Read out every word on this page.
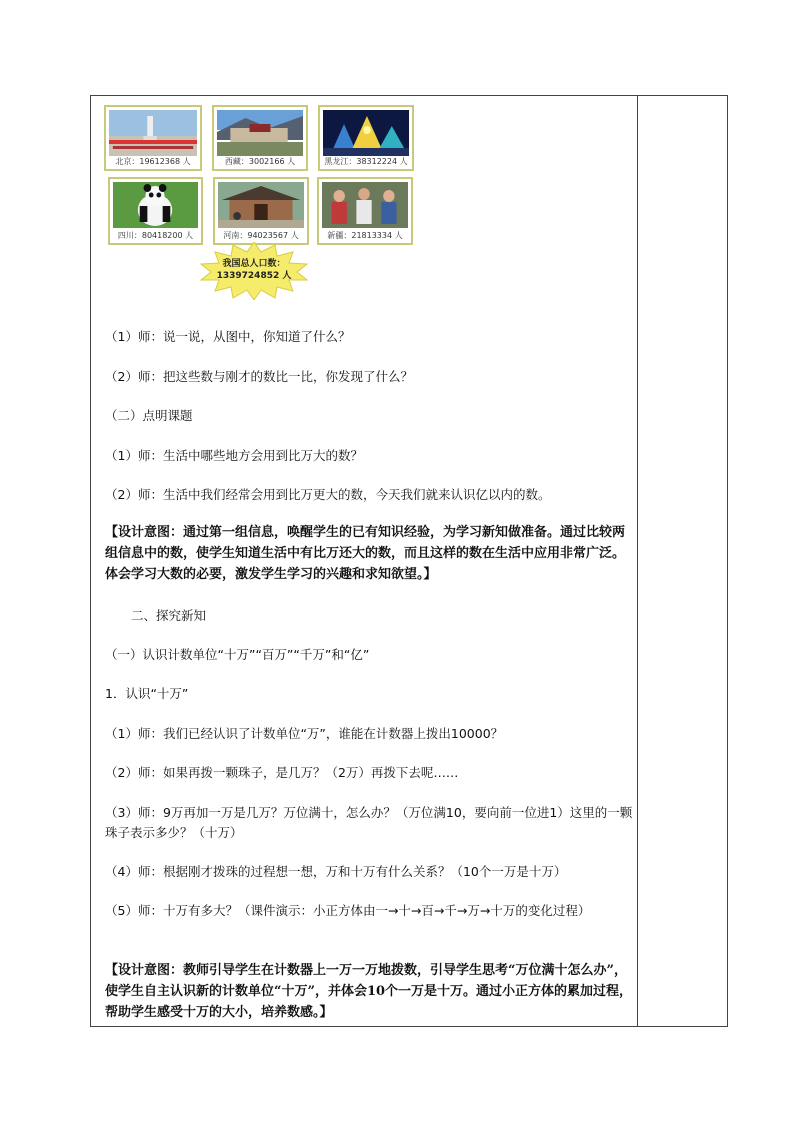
北京：19612368 人	西藏：3002166 人	黑龙江：38312224 人
四川：80418200 人	河南：94023567 人	新疆：21813334 人
我国总人口数：
1339724852 人
（1）师：说一说，从图中，你知道了什么？
（2）师：把这些数与刚才的数比一比，你发现了什么？
（二）点明课题
（1）师：生活中哪些地方会用到比万大的数？
（2）师：生活中我们经常会用到比万更大的数，今天我们就来认识亿以内的数。
【设计意图：通过第一组信息，唤醒学生的已有知识经验，为学习新知做准备。通过比较两组信息中的数，使学生知道生活中有比万还大的数，而且这样的数在生活中应用非常广泛。体会学习大数的必要，激发学生学习的兴趣和求知欲望。】
二、探究新知
（一）认识计数单位“十万”“百万”“千万”和“亿”
1．认识“十万”
（1）师：我们已经认识了计数单位“万”，谁能在计数器上拨出10000？
（2）师：如果再拨一颗珠子，是几万？（2万）再拨下去呢……
（3）师：9万再加一万是几万？万位满十，怎么办？（万位满10，要向前一位进1）这里的一颗珠子表示多少？（十万）
（4）师：根据刚才拨珠的过程想一想，万和十万有什么关系？（10个一万是十万）
（5）师：十万有多大？（课件演示：小正方体由一→十→百→千→万→十万的变化过程）
【设计意图：教师引导学生在计数器上一万一万地拨数，引导学生思考“万位满十怎么办”，使学生自主认识新的计数单位“十万”，并体会10个一万是十万。通过小正方体的累加过程，帮助学生感受十万的大小，培养数感。】
